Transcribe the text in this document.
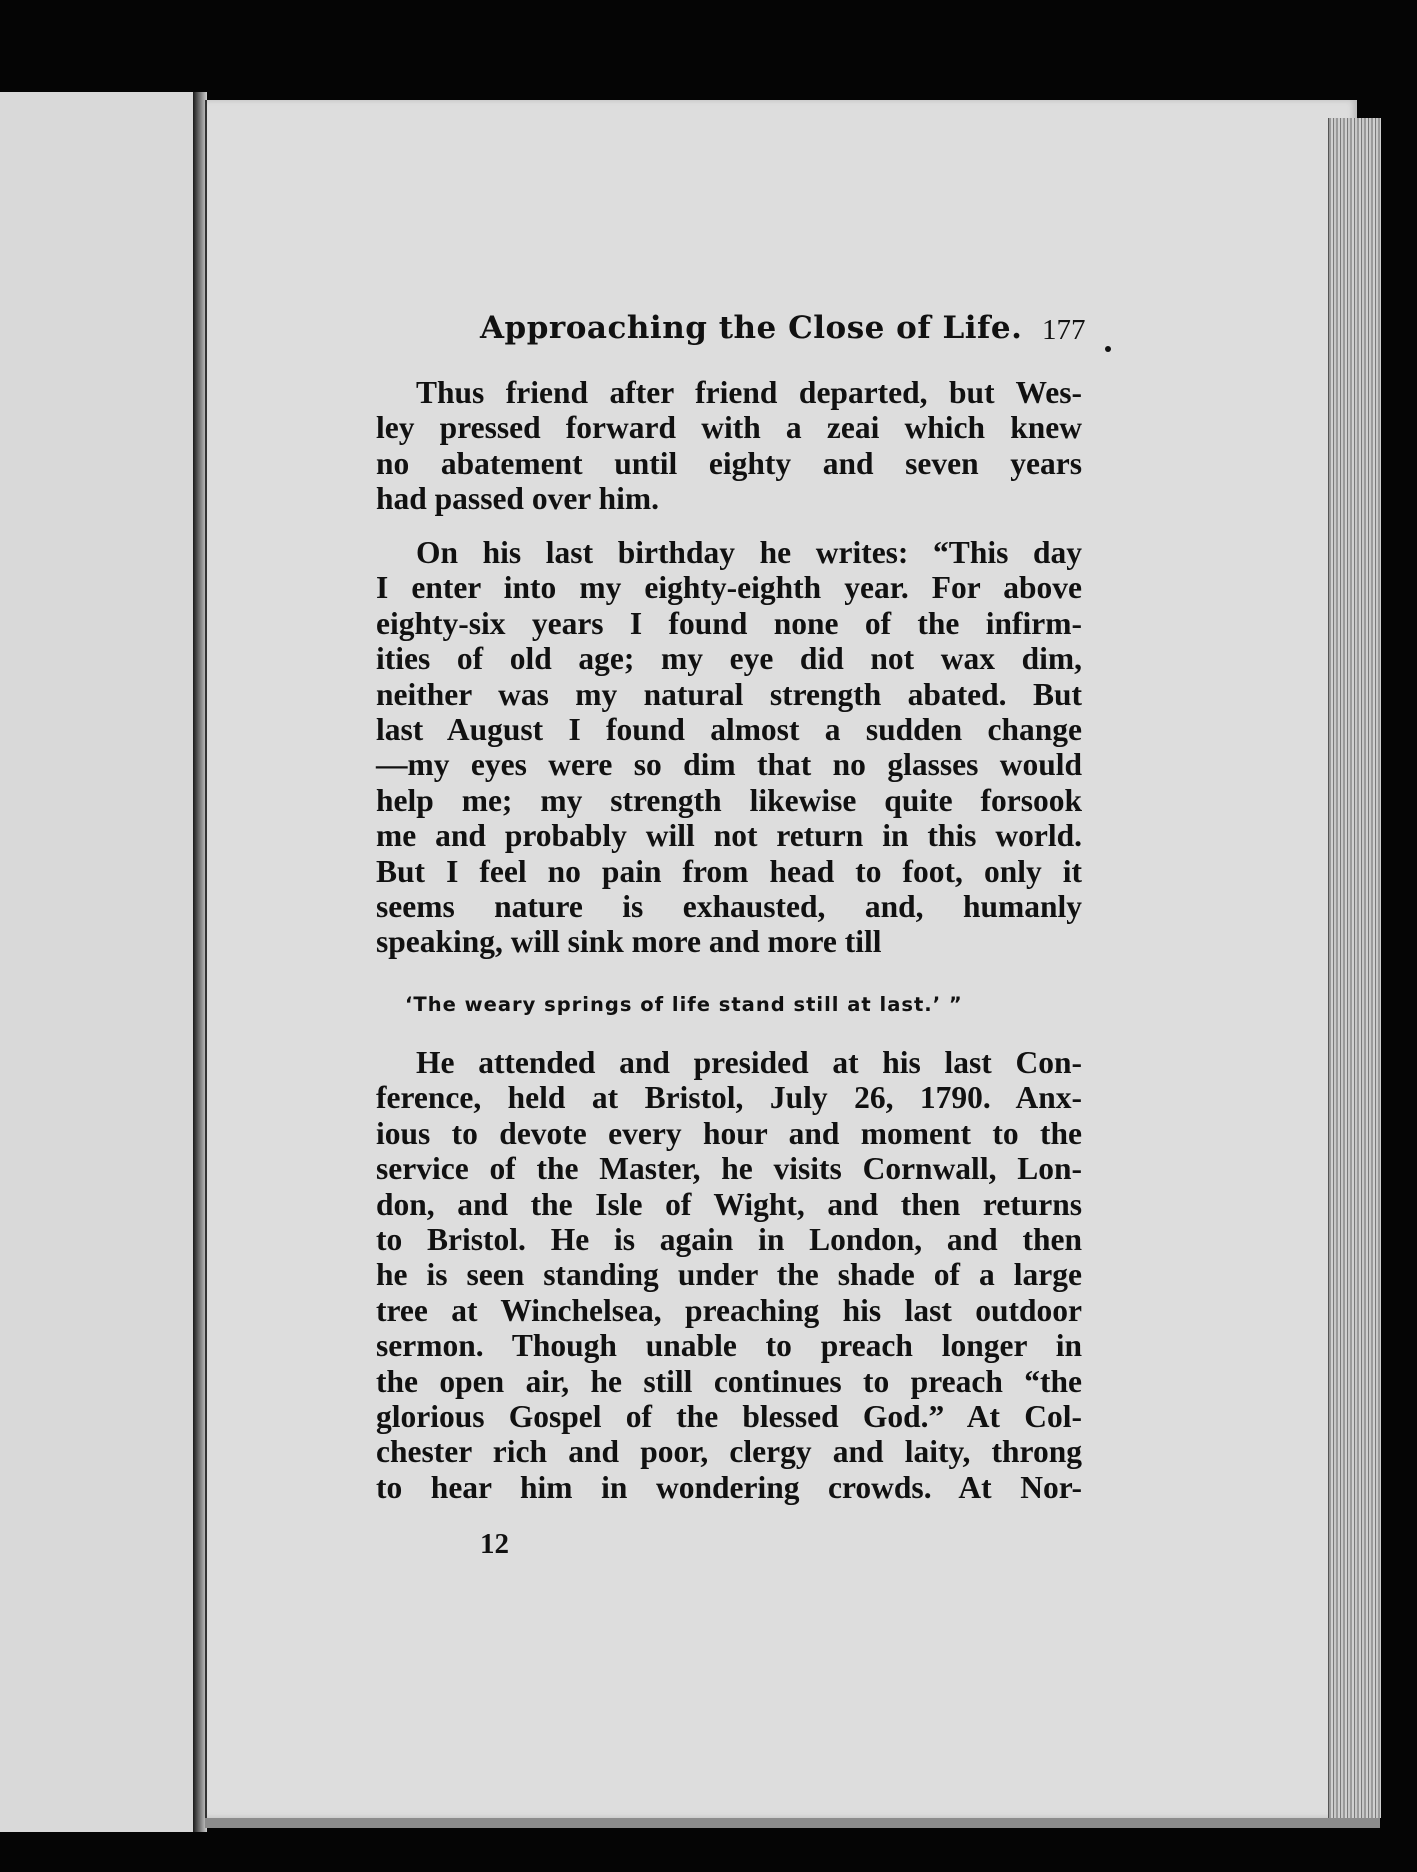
Approaching the Close of Life. 177
Thus friend after friend departed, but Wes-
ley pressed forward with a zeai which knew
no abatement until eighty and seven years
had passed over him.
On his last birthday he writes: “This day
I enter into my eighty-eighth year. For above
eighty-six years I found none of the infirm-
ities of old age; my eye did not wax dim,
neither was my natural strength abated. But
last August I found almost a sudden change
—my eyes were so dim that no glasses would
help me; my strength likewise quite forsook
me and probably will not return in this world.
But I feel no pain from head to foot, only it
seems nature is exhausted, and, humanly
speaking, will sink more and more till
‘The weary springs of life stand still at last.’ ”
He attended and presided at his last Con-
ference, held at Bristol, July 26, 1790. Anx-
ious to devote every hour and moment to the
service of the Master, he visits Cornwall, Lon-
don, and the Isle of Wight, and then returns
to Bristol. He is again in London, and then
he is seen standing under the shade of a large
tree at Winchelsea, preaching his last outdoor
sermon. Though unable to preach longer in
the open air, he still continues to preach “the
glorious Gospel of the blessed God.” At Col-
chester rich and poor, clergy and laity, throng
to hear him in wondering crowds. At Nor-
12
